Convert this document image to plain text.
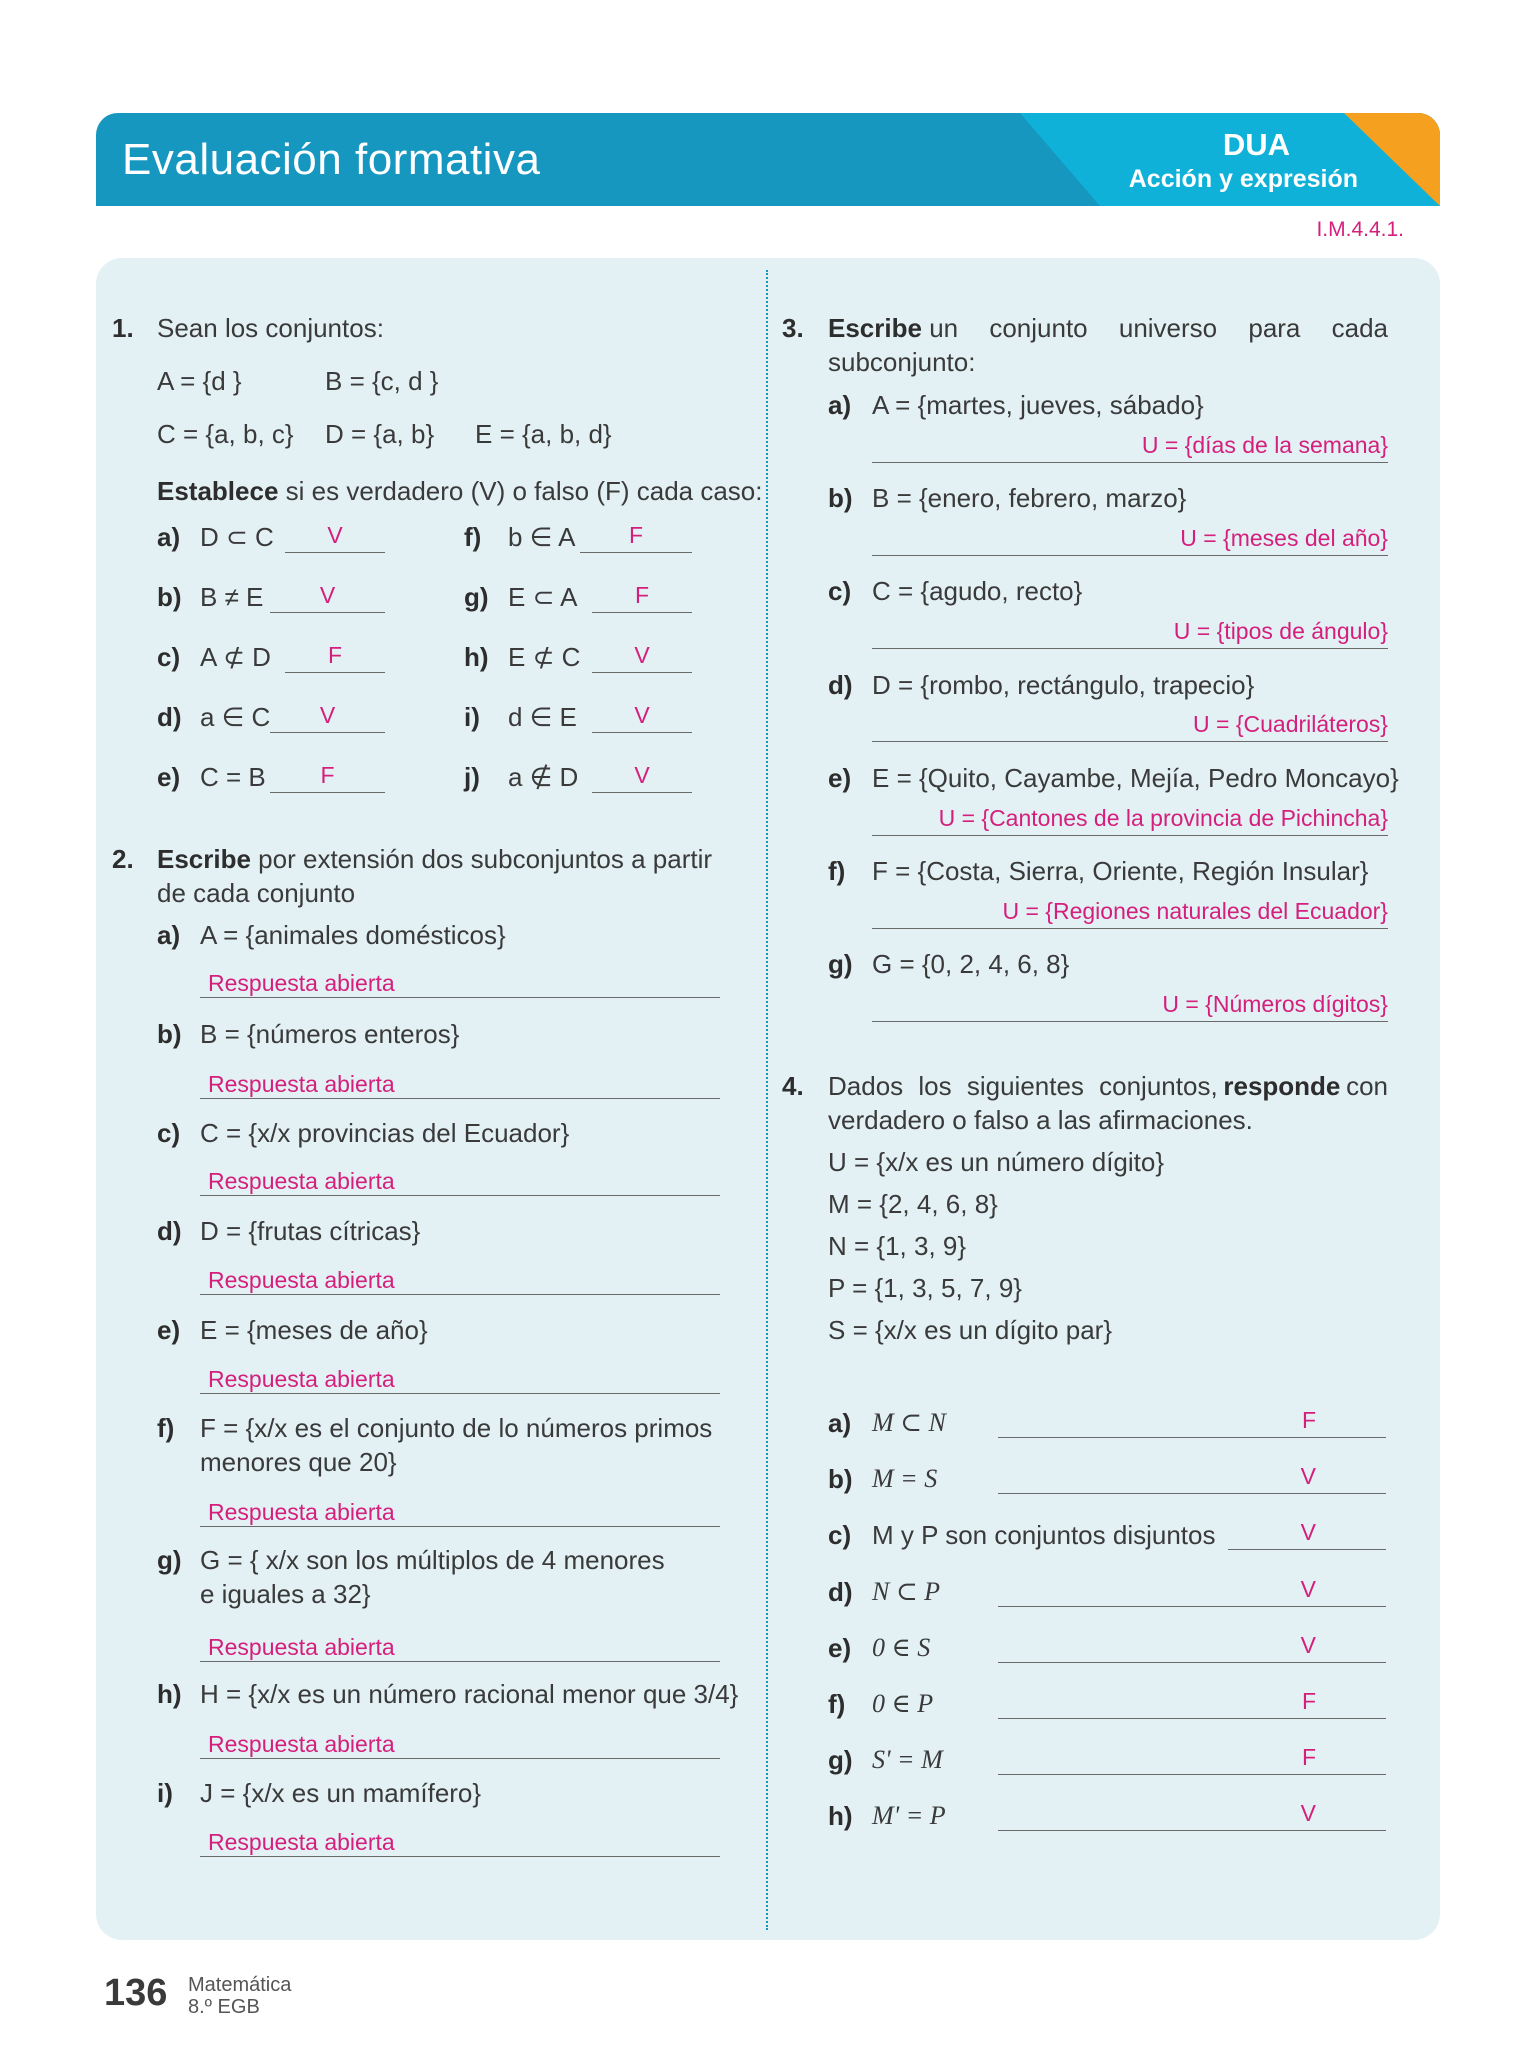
Evaluación formativa	DUA
Acción y expresión
I.M.4.4.1.
1. Sean los conjuntos:
A = {d }	B = {c, d }
C = {a, b, c} D = {a, b} E = {a, b, d}
Establece si es verdadero (V) o falso (F) cada caso:
a) D ⊂ C	V
b) B ≠ E	V
c) A ⊄ D	F
d) a ∈ C	V
e) C = B	F
f) b ∈ A	F
g) E ⊂ A	F
h) E ⊄ C	V
i) d ∈ E	V
j) a ∉ D	V
2. Escribe por extensión dos subconjuntos a partir
de cada conjunto
a) A = {animales domésticos}
Respuesta abierta
b) B = {números enteros}
Respuesta abierta
c) C = {x/x provincias del Ecuador}
Respuesta abierta
d) D = {frutas cítricas}
Respuesta abierta
e) E = {meses de año}
Respuesta abierta
f) F = {x/x es el conjunto de lo números primos
menores que 20}
Respuesta abierta
g) G = { x/x son los múltiplos de 4 menores
e iguales a 32}
Respuesta abierta
h) H = {x/x es un número racional menor que 3/4}
Respuesta abierta
i) J = {x/x es un mamífero}
Respuesta abierta
3. Escribe un conjunto universo para cada
subconjunto:
a) A = {martes, jueves, sábado}
U = {días de la semana}
b) B = {enero, febrero, marzo}
U = {meses del año}
c) C = {agudo, recto}
U = {tipos de ángulo}
d) D = {rombo, rectángulo, trapecio}
U = {Cuadriláteros}
e) E = {Quito, Cayambe, Mejía, Pedro Moncayo}
U = {Cantones de la provincia de Pichincha}
f) F = {Costa, Sierra, Oriente, Región Insular}
U = {Regiones naturales del Ecuador}
g) G = {0, 2, 4, 6, 8}
U = {Números dígitos}
4. Dados los siguientes conjuntos, responde con
verdadero o falso a las afirmaciones.
U = {x/x es un número dígito}
M = {2, 4, 6, 8}
N = {1, 3, 9}
P = {1, 3, 5, 7, 9}
S = {x/x es un dígito par}
a) M ⊂ N	F
b) M = S	V
c) M y P son conjuntos disjuntos	V
d) N ⊂ P	V
e) 0 ∈ S	V
f) 0 ∈ P	F
g) S' = M	F
h) M' = P	V
136 Matemática
8.º EGB
